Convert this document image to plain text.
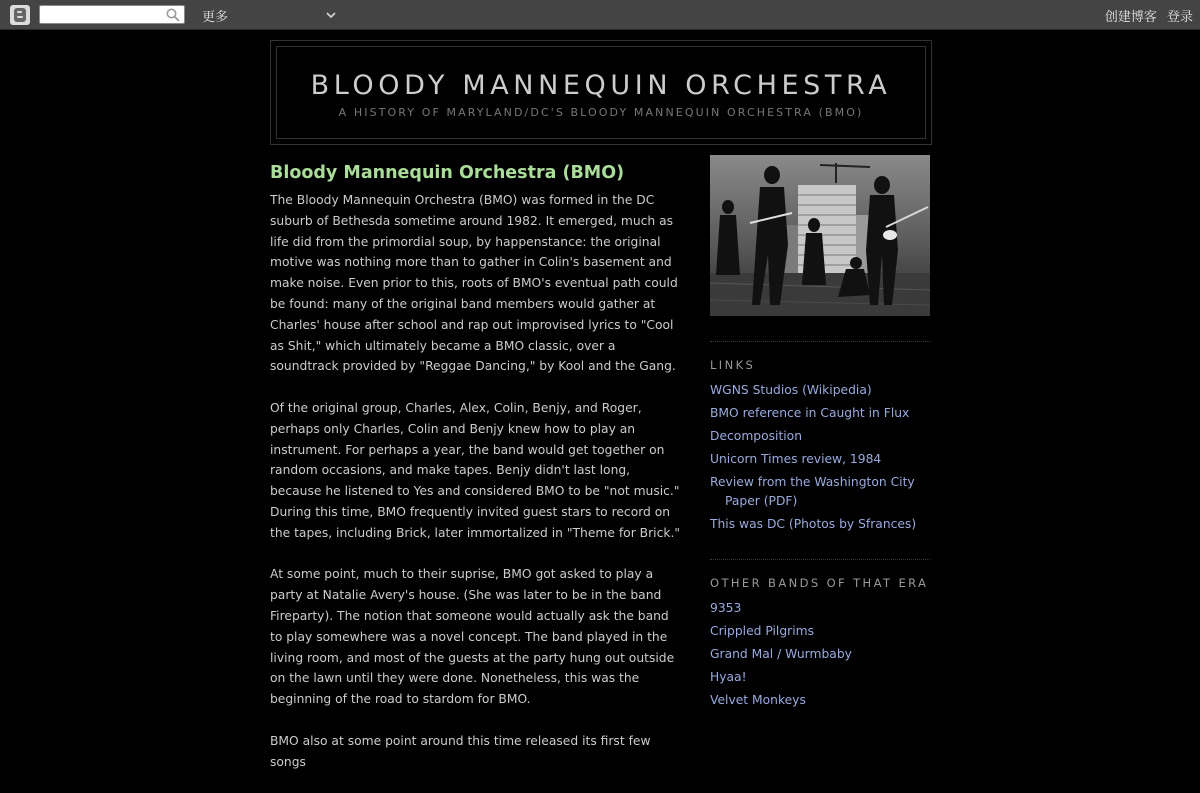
更多	创建博客 登录
BLOODY MANNEQUIN ORCHESTRA
A HISTORY OF MARYLAND/DC'S BLOODY MANNEQUIN ORCHESTRA (BMO)
Bloody Mannequin Orchestra (BMO)

The Bloody Mannequin Orchestra (BMO) was formed in the DC suburb of Bethesda sometime around 1982. It emerged, much as life did from the primordial soup, by happenstance: the original motive was nothing more than to gather in Colin's basement and make noise. Even prior to this, roots of BMO's eventual path could be found: many of the original band members would gather at Charles' house after school and rap out improvised lyrics to "Cool as Shit," which ultimately became a BMO classic, over a soundtrack provided by "Reggae Dancing," by Kool and the Gang.

Of the original group, Charles, Alex, Colin, Benjy, and Roger, perhaps only Charles, Colin and Benjy knew how to play an instrument. For perhaps a year, the band would get together on random occasions, and make tapes. Benjy didn't last long, because he listened to Yes and considered BMO to be "not music." During this time, BMO frequently invited guest stars to record on the tapes, including Brick, later immortalized in "Theme for Brick."

At some point, much to their suprise, BMO got asked to play a party at Natalie Avery's house. (She was later to be in the band Fireparty). The notion that someone would actually ask the band to play somewhere was a novel concept. The band played in the living room, and most of the guests at the party hung out outside on the lawn until they were done. Nonetheless, this was the beginning of the road to stardom for BMO.

BMO also at some point around this time released its first few songs

LINKS
WGNS Studios (Wikipedia)
BMO reference in Caught in Flux
Decomposition
Unicorn Times review, 1984
Review from the Washington City Paper (PDF)
This was DC (Photos by Sfrances)
OTHER BANDS OF THAT ERA
9353
Crippled Pilgrims
Grand Mal / Wurmbaby
Hyaa!
Velvet Monkeys
